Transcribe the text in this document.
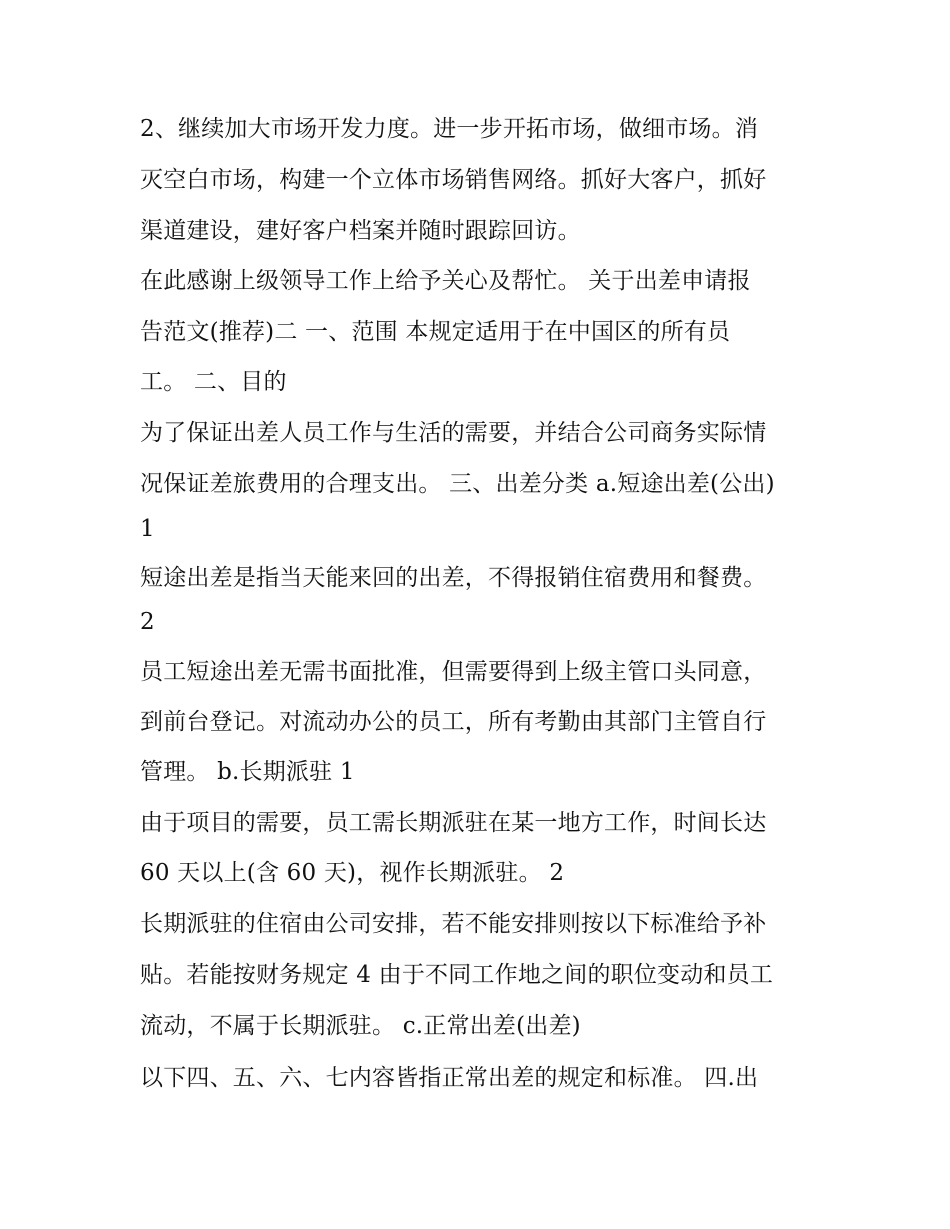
2、继续加大市场开发力度。进一步开拓市场，做细市场。消
灭空白市场，构建一个立体市场销售网络。抓好大客户，抓好
渠道建设，建好客户档案并随时跟踪回访。
在此感谢上级领导工作上给予关心及帮忙。 关于出差申请报
告范文(推荐)二 一、范围 本规定适用于在中国区的所有员
工。 二、目的
为了保证出差人员工作与生活的需要，并结合公司商务实际情
况保证差旅费用的合理支出。 三、出差分类 a.短途出差(公出)
1
短途出差是指当天能来回的出差，不得报销住宿费用和餐费。
2
员工短途出差无需书面批准，但需要得到上级主管口头同意，
到前台登记。对流动办公的员工，所有考勤由其部门主管自行
管理。 b.长期派驻 1
由于项目的需要，员工需长期派驻在某一地方工作，时间长达
60 天以上(含 60 天)，视作长期派驻。 2
长期派驻的住宿由公司安排，若不能安排则按以下标准给予补
贴。若能按财务规定 4 由于不同工作地之间的职位变动和员工
流动，不属于长期派驻。 c.正常出差(出差)
以下四、五、六、七内容皆指正常出差的规定和标准。 四.出
